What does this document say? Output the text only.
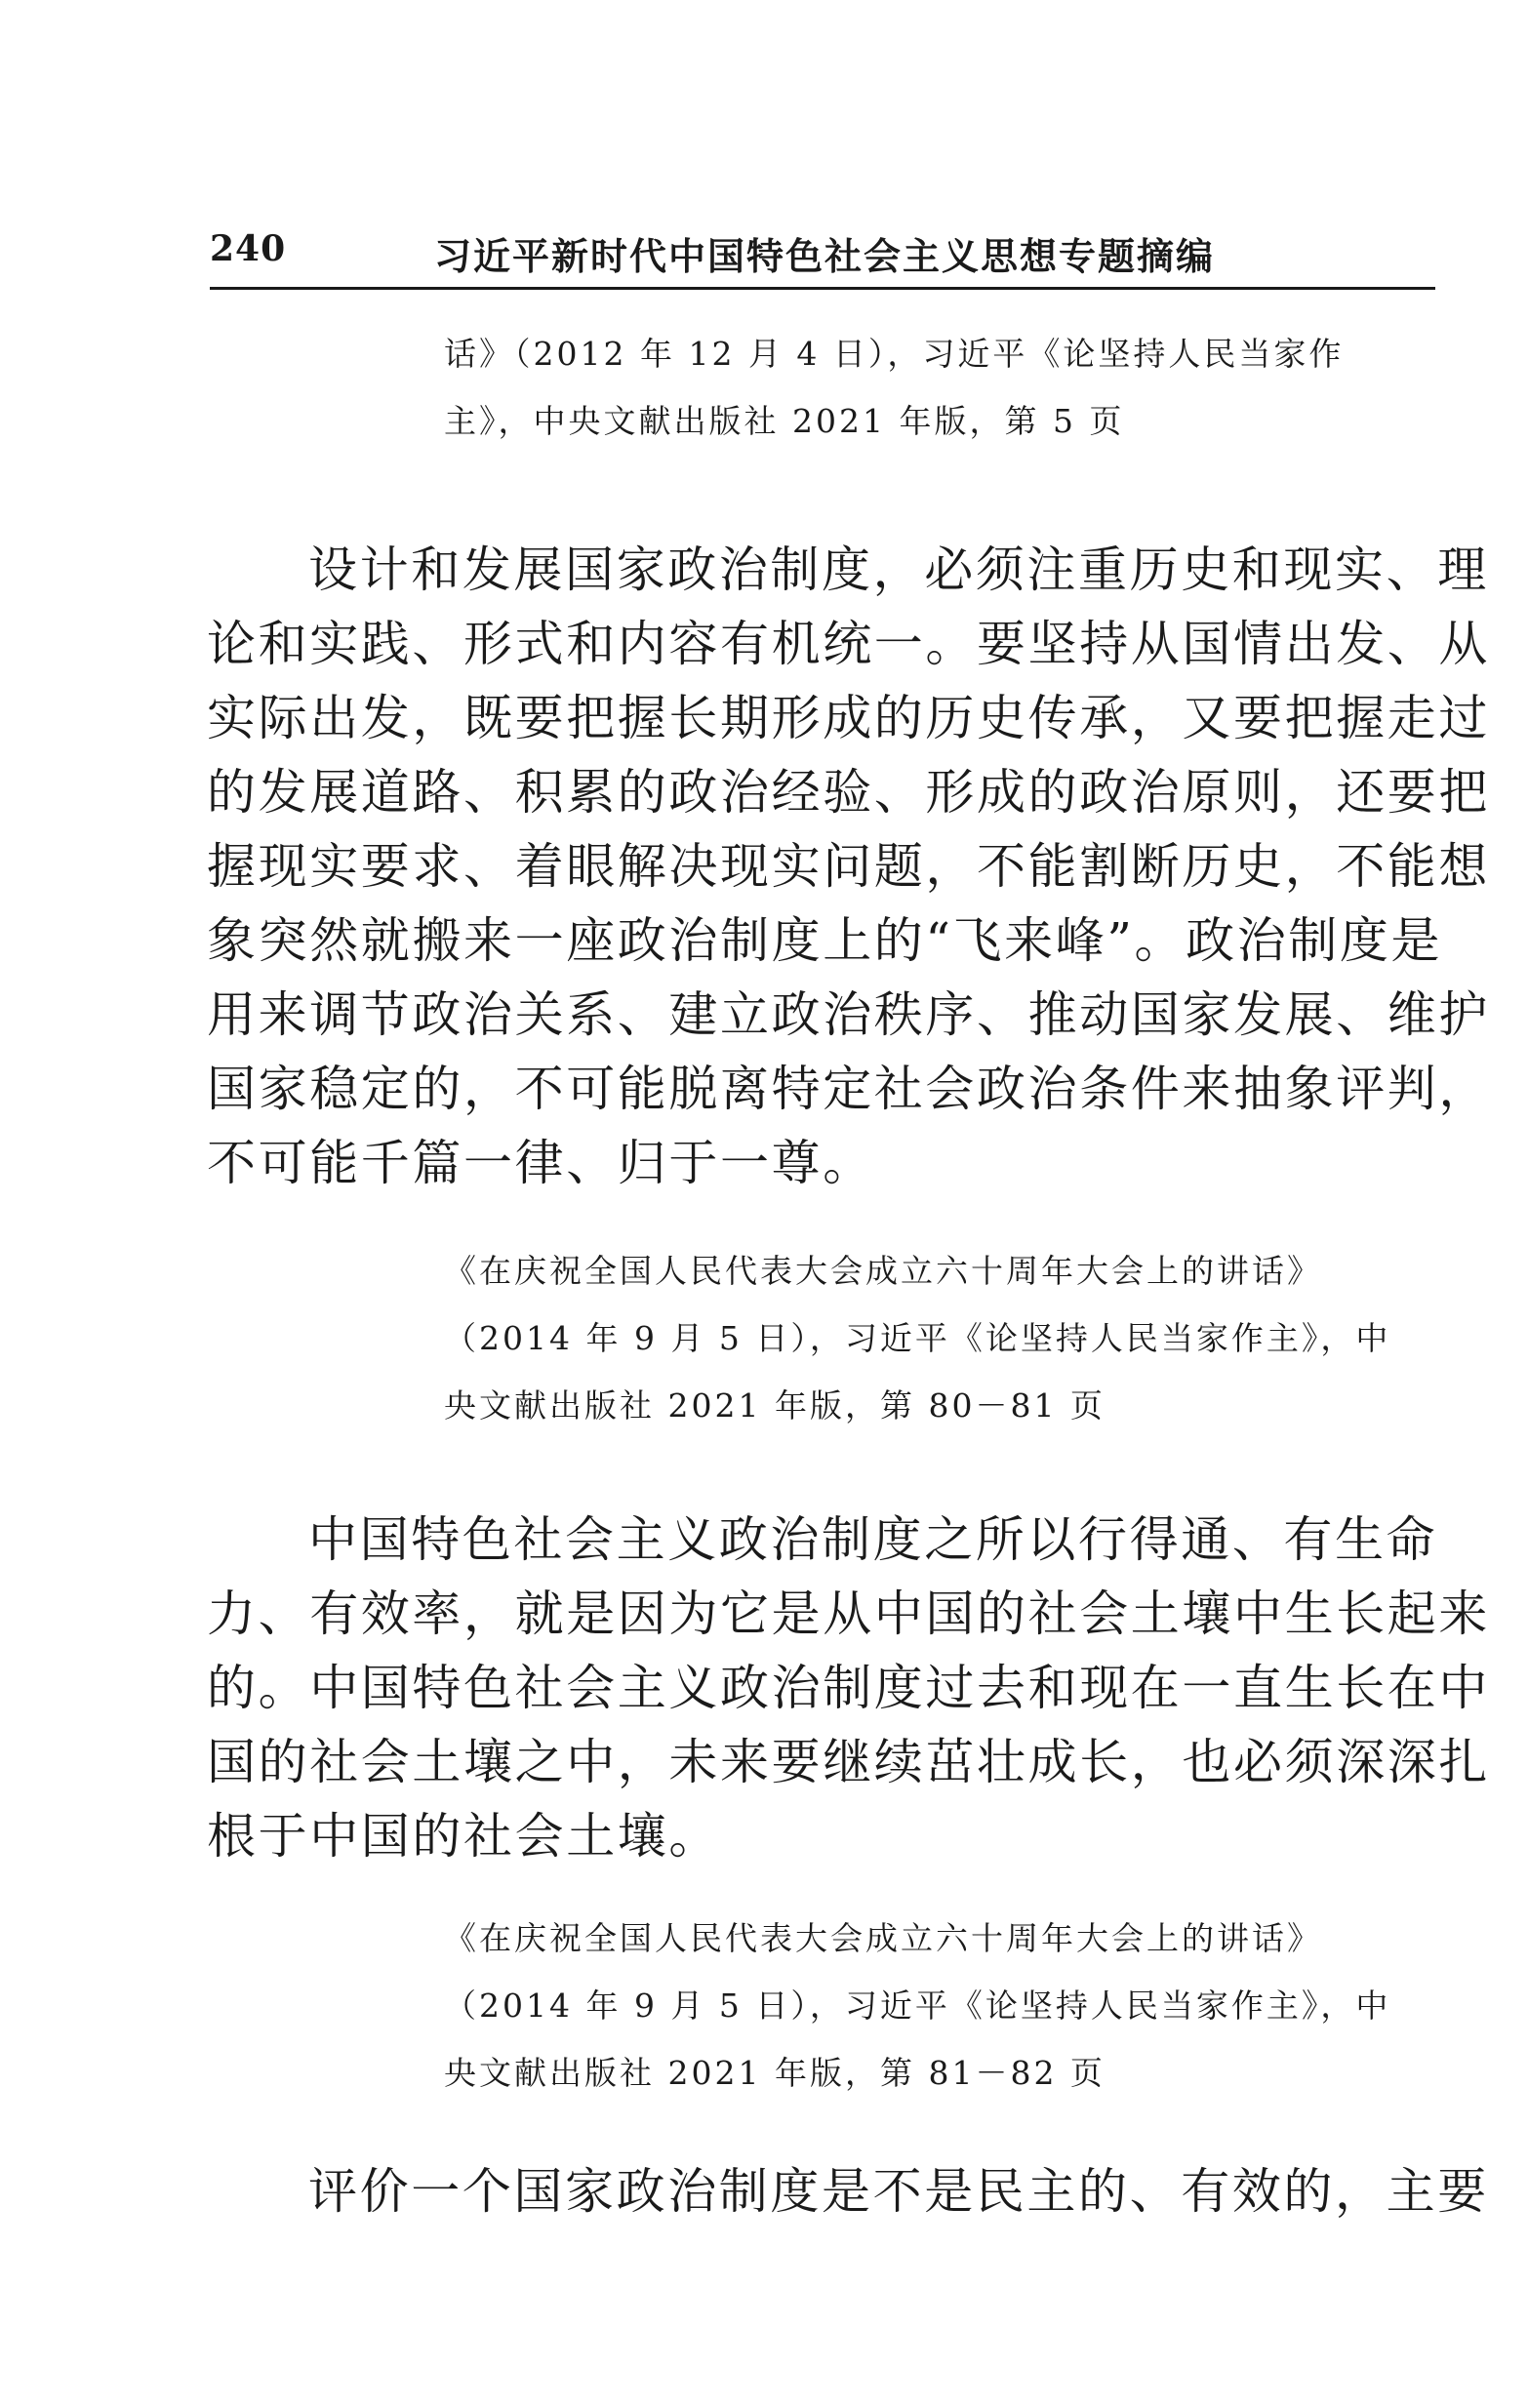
240	习近平新时代中国特色社会主义思想专题摘编
话》（2012 年 12 月 4 日），习近平《论坚持人民当家作
主》，中央文献出版社 2021 年版，第 5 页
设计和发展国家政治制度，必须注重历史和现实、理
论和实践、形式和内容有机统一。要坚持从国情出发、从
实际出发，既要把握长期形成的历史传承，又要把握走过
的发展道路、积累的政治经验、形成的政治原则，还要把
握现实要求、着眼解决现实问题，不能割断历史，不能想
象突然就搬来一座政治制度上的“飞来峰”。政治制度是
用来调节政治关系、建立政治秩序、推动国家发展、维护
国家稳定的，不可能脱离特定社会政治条件来抽象评判，
不可能千篇一律、归于一尊。
《在庆祝全国人民代表大会成立六十周年大会上的讲话》
（2014 年 9 月 5 日），习近平《论坚持人民当家作主》，中
央文献出版社 2021 年版，第 80－81 页
中国特色社会主义政治制度之所以行得通、有生命
力、有效率，就是因为它是从中国的社会土壤中生长起来
的。中国特色社会主义政治制度过去和现在一直生长在中
国的社会土壤之中，未来要继续茁壮成长，也必须深深扎
根于中国的社会土壤。
《在庆祝全国人民代表大会成立六十周年大会上的讲话》
（2014 年 9 月 5 日），习近平《论坚持人民当家作主》，中
央文献出版社 2021 年版，第 81－82 页
评价一个国家政治制度是不是民主的、有效的，主要
